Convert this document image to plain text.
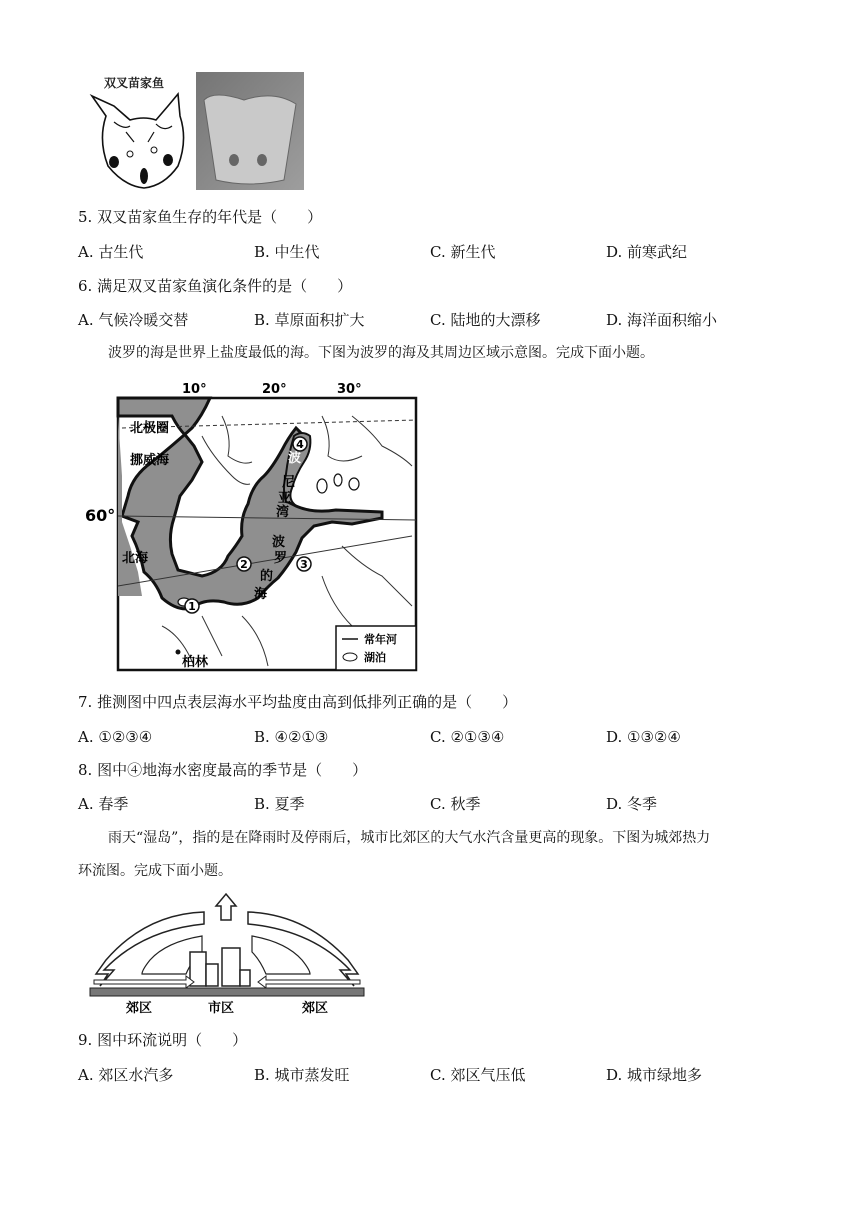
双叉苗家鱼
5. 双叉苗家鱼生存的年代是（　　）
A. 古生代	B. 中生代	C. 新生代	D. 前寒武纪
6. 满足双叉苗家鱼演化条件的是（　　）
A. 气候冷暖交替	B. 草原面积扩大	C. 陆地的大漂移	D. 海洋面积缩小
波罗的海是世界上盐度最低的海。下图为波罗的海及其周边区域示意图。完成下面小题。
10°	20°	30°
60°
北极圈
挪威海
北海
波
尼
亚
湾
波
罗
的
海
柏林
1
2	3
4
常年河
湖泊
7. 推测图中四点表层海水平均盐度由高到低排列正确的是（　　）
A. ①②③④	B. ④②①③	C. ②①③④	D. ①③②④
8. 图中④地海水密度最高的季节是（　　）
A. 春季	B. 夏季	C. 秋季	D. 冬季
雨天“湿岛”，指的是在降雨时及停雨后，城市比郊区的大气水汽含量更高的现象。下图为城郊热力
环流图。完成下面小题。
郊区	市区	郊区
9. 图中环流说明（　　）
A. 郊区水汽多	B. 城市蒸发旺	C. 郊区气压低	D. 城市绿地多
